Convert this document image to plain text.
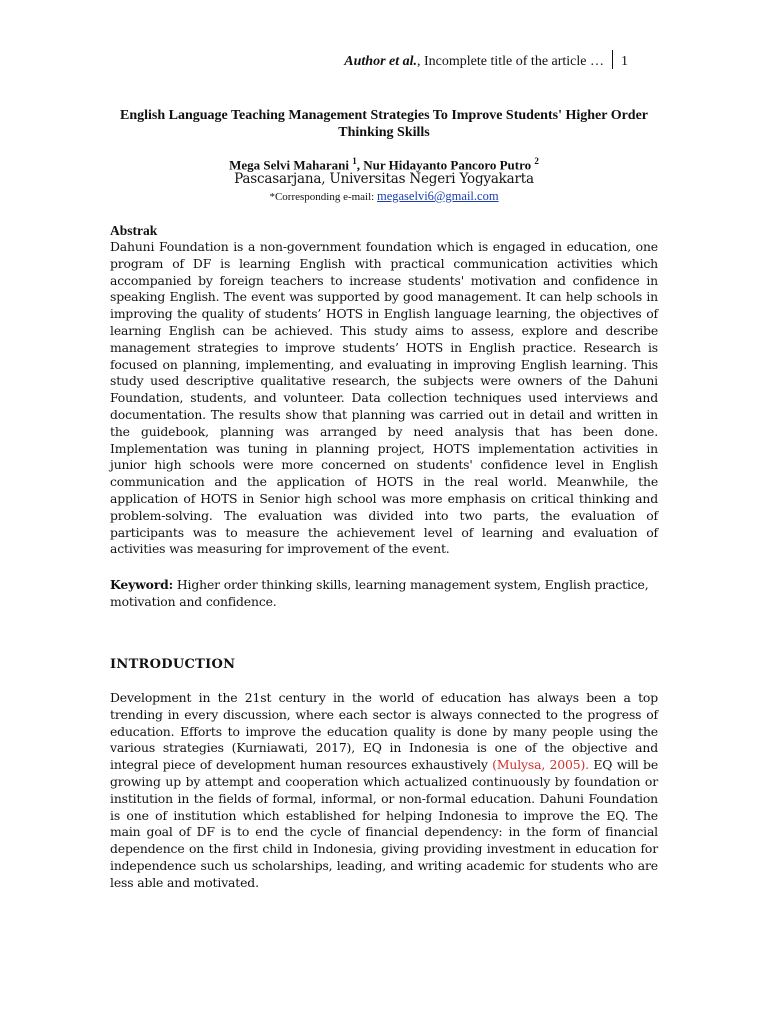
Author et al., Incomplete title of the article … 1
English Language Teaching Management Strategies To Improve Students' Higher Order Thinking Skills
Mega Selvi Maharani $^1$, Nur Hidayanto Pancoro Putro $^2$
Pascasarjana, Universitas Negeri Yogyakarta
*Corresponding e-mail: megaselvi6@gmail.com
Abstrak

Dahuni Foundation is a non-government foundation which is engaged in education, one program of DF is learning English with practical communication activities which accompanied by foreign teachers to increase students' motivation and confidence in speaking English. The event was supported by good management. It can help schools in improving the quality of students’ HOTS in English language learning, the objectives of learning English can be achieved. This study aims to assess, explore and describe management strategies to improve students’ HOTS in English practice. Research is focused on planning, implementing, and evaluating in improving English learning. This study used descriptive qualitative research, the subjects were owners of the Dahuni Foundation, students, and volunteer. Data collection techniques used interviews and documentation. The results show that planning was carried out in detail and written in the guidebook, planning was arranged by need analysis that has been done. Implementation was tuning in planning project, HOTS implementation activities in junior high schools were more concerned on students' confidence level in English communication and the application of HOTS in the real world. Meanwhile, the application of HOTS in Senior high school was more emphasis on critical thinking and problem-solving. The evaluation was divided into two parts, the evaluation of participants was to measure the achievement level of learning and evaluation of activities was measuring for improvement of the event.

Keyword: Higher order thinking skills, learning management system, English practice, motivation and confidence.

INTRODUCTION

Development in the 21st century in the world of education has always been a top trending in every discussion, where each sector is always connected to the progress of education. Efforts to improve the education quality is done by many people using the various strategies (Kurniawati, 2017), EQ in Indonesia is one of the objective and integral piece of development human resources exhaustively (Mulysa, 2005). EQ will be growing up by attempt and cooperation which actualized continuously by foundation or institution in the fields of formal, informal, or non-formal education. Dahuni Foundation is one of institution which established for helping Indonesia to improve the EQ. The main goal of DF is to end the cycle of financial dependency: in the form of financial dependence on the first child in Indonesia, giving providing investment in education for independence such us scholarships, leading, and writing academic for students who are less able and motivated.
